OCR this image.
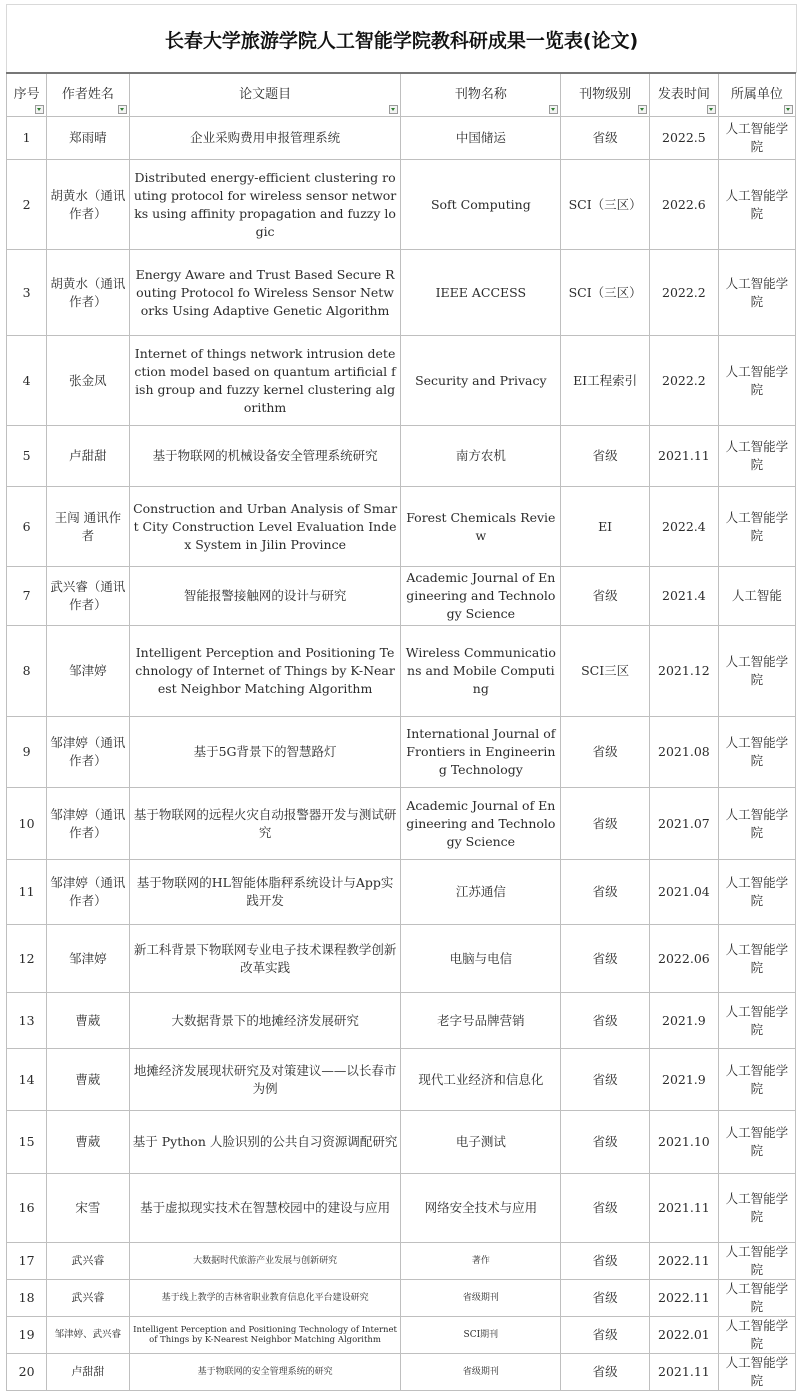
长春大学旅游学院人工智能学院教科研成果一览表(论文)
序号	作者姓名	论文题目	刊物名称	刊物级别	发表时间	所属单位

1	郑雨晴	企业采购费用申报管理系统	中国储运	省级	2022.5	人工智能学院
2	胡黄水（通讯作者）	Distributed energy-efficient clustering routing protocol for wireless sensor networks using affinity propagation and fuzzy logic	Soft Computing	SCI（三区）	2022.6	人工智能学院
3	胡黄水（通讯作者）	Energy Aware and Trust Based Secure Routing Protocol fo Wireless Sensor Networks Using Adaptive Genetic Algorithm	IEEE ACCESS	SCI（三区）	2022.2	人工智能学院
4	张金凤	Internet of things network intrusion detection model based on quantum artificial fish group and fuzzy kernel clustering algorithm	Security and Privacy	EI工程索引	2022.2	人工智能学院
5	卢甜甜	基于物联网的机械设备安全管理系统研究	南方农机	省级	2021.11	人工智能学院
6	王闯 通讯作者	Construction and Urban Analysis of Smart City Construction Level Evaluation Index System in Jilin Province	Forest Chemicals Review	EI	2022.4	人工智能学院
7	武兴睿（通讯作者）	智能报警接触网的设计与研究	Academic Journal of Engineering and Technology Science	省级	2021.4	人工智能
8	邹津婷	Intelligent Perception and Positioning Technology of Internet of Things by K-Nearest Neighbor Matching Algorithm	Wireless Communications and Mobile Computing	SCI三区	2021.12	人工智能学院
9	邹津婷（通讯作者）	基于5G背景下的智慧路灯	International Journal of Frontiers in Engineering Technology	省级	2021.08	人工智能学院
10	邹津婷（通讯作者）	基于物联网的远程火灾自动报警器开发与测试研究	Academic Journal of Engineering and Technology Science	省级	2021.07	人工智能学院
11	邹津婷（通讯作者）	基于物联网的HL智能体脂秤系统设计与App实践开发	江苏通信	省级	2021.04	人工智能学院
12	邹津婷	新工科背景下物联网专业电子技术课程教学创新改革实践	电脑与电信	省级	2022.06	人工智能学院
13	曹葳	大数据背景下的地摊经济发展研究	老字号品牌营销	省级	2021.9	人工智能学院
14	曹葳	地摊经济发展现状研究及对策建议——以长春市为例	现代工业经济和信息化	省级	2021.9	人工智能学院
15	曹葳	基于 Python 人脸识别的公共自习资源调配研究	电子测试	省级	2021.10	人工智能学院
16	宋雪	基于虚拟现实技术在智慧校园中的建设与应用	网络安全技术与应用	省级	2021.11	人工智能学院
17	武兴睿	大数据时代旅游产业发展与创新研究	著作	省级	2022.11	人工智能学院
18	武兴睿	基于线上教学的吉林省职业教育信息化平台建设研究	省级期刊	省级	2022.11	人工智能学院
19	邹津婷、武兴睿	Intelligent Perception and Positioning Technology of Internet of Things by K-Nearest Neighbor Matching Algorithm	SCI期刊	省级	2022.01	人工智能学院
20	卢甜甜	基于物联网的安全管理系统的研究	省级期刊	省级	2021.11	人工智能学院
